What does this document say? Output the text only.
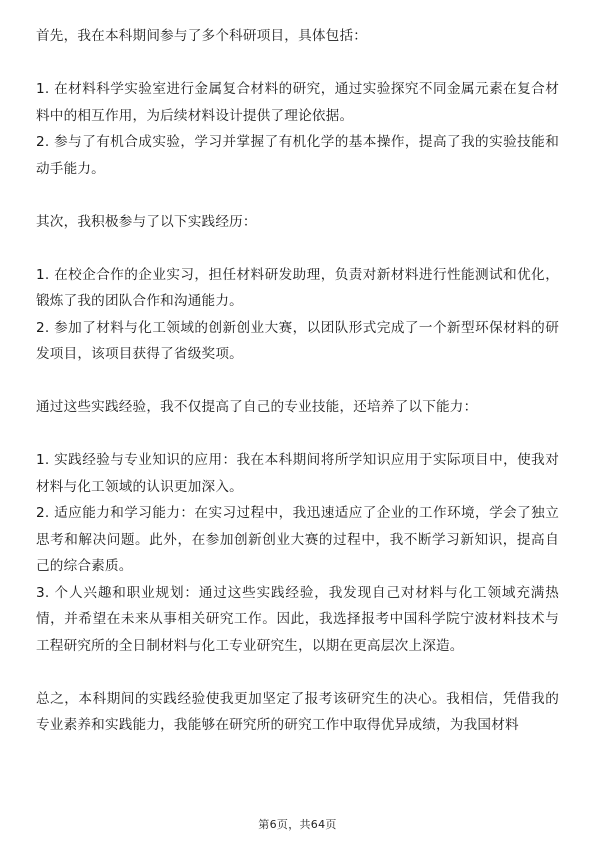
首先，我在本科期间参与了多个科研项目，具体包括：

1. 在材料科学实验室进行金属复合材料的研究，通过实验探究不同金属元素在复合材料中的相互作用，为后续材料设计提供了理论依据。

2. 参与了有机合成实验，学习并掌握了有机化学的基本操作，提高了我的实验技能和动手能力。

其次，我积极参与了以下实践经历：

1. 在校企合作的企业实习，担任材料研发助理，负责对新材料进行性能测试和优化，锻炼了我的团队合作和沟通能力。

2. 参加了材料与化工领域的创新创业大赛，以团队形式完成了一个新型环保材料的研发项目，该项目获得了省级奖项。

通过这些实践经验，我不仅提高了自己的专业技能，还培养了以下能力：

1. 实践经验与专业知识的应用：我在本科期间将所学知识应用于实际项目中，使我对材料与化工领域的认识更加深入。

2. 适应能力和学习能力：在实习过程中，我迅速适应了企业的工作环境，学会了独立思考和解决问题。此外，在参加创新创业大赛的过程中，我不断学习新知识，提高自己的综合素质。

3. 个人兴趣和职业规划：通过这些实践经验，我发现自己对材料与化工领域充满热情，并希望在未来从事相关研究工作。因此，我选择报考中国科学院宁波材料技术与工程研究所的全日制材料与化工专业研究生，以期在更高层次上深造。

总之，本科期间的实践经验使我更加坚定了报考该研究生的决心。我相信，凭借我的专业素养和实践能力，我能够在研究所的研究工作中取得优异成绩，为我国材料

第6页，共64页
